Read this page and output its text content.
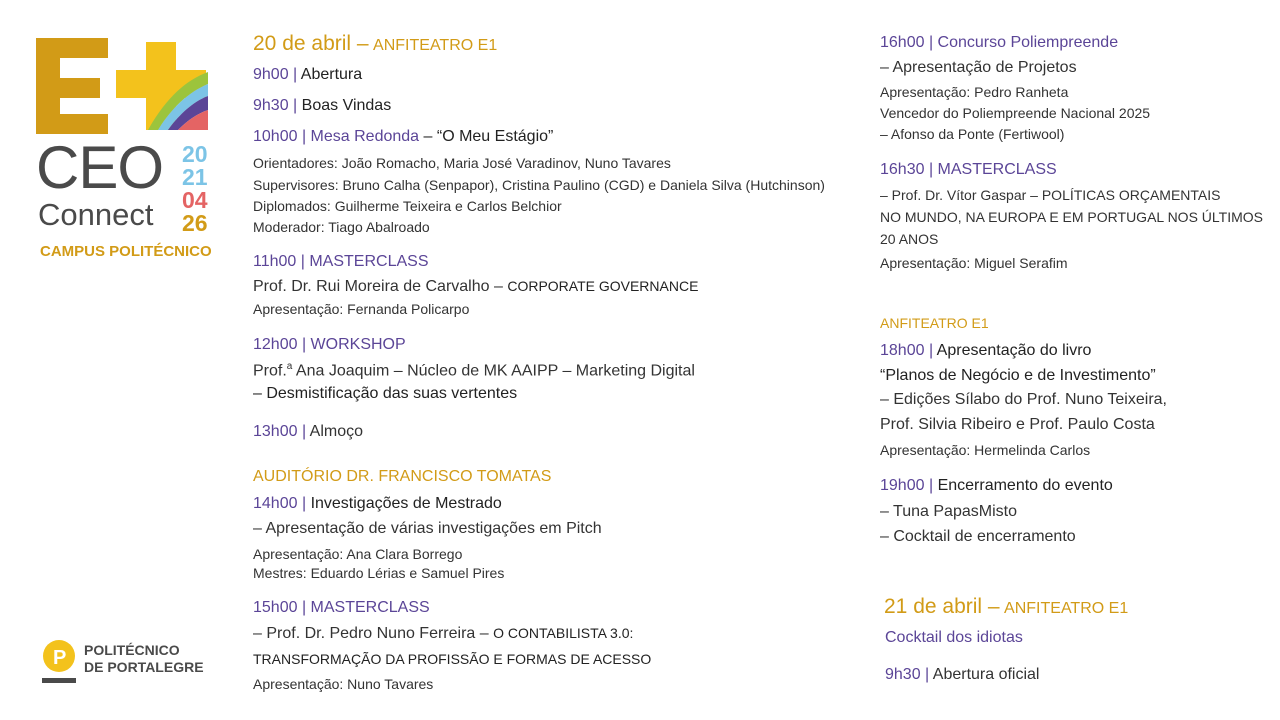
CEO
Connect
20
21
04
26
CAMPUS POLITÉCNICO
P POLITÉCNICO
DE PORTALEGRE
20 de abril – ANFITEATRO E1
9h00 | Abertura
9h30 | Boas Vindas
10h00 | Mesa Redonda – “O Meu Estágio”
Orientadores: João Romacho, Maria José Varadinov, Nuno Tavares
Supervisores: Bruno Calha (Senpapor), Cristina Paulino (CGD) e Daniela Silva (Hutchinson)
Diplomados: Guilherme Teixeira e Carlos Belchior
Moderador: Tiago Abalroado
11h00 | MASTERCLASS
Prof. Dr. Rui Moreira de Carvalho – CORPORATE GOVERNANCE
Apresentação: Fernanda Policarpo
12h00 | WORKSHOP
Prof.$^a$ Ana Joaquim – Núcleo de MK AAIPP – Marketing Digital
– Desmistificação das suas vertentes
13h00 | Almoço
AUDITÓRIO DR. FRANCISCO TOMATAS
14h00 | Investigações de Mestrado
– Apresentação de várias investigações em Pitch
Apresentação: Ana Clara Borrego
Mestres: Eduardo Lérias e Samuel Pires
15h00 | MASTERCLASS
– Prof. Dr. Pedro Nuno Ferreira – O CONTABILISTA 3.0:
TRANSFORMAÇÃO DA PROFISSÃO E FORMAS DE ACESSO
Apresentação: Nuno Tavares
16h00 | Concurso Poliempreende
– Apresentação de Projetos
Apresentação: Pedro Ranheta
Vencedor do Poliempreende Nacional 2025
– Afonso da Ponte (Fertiwool)
16h30 | MASTERCLASS
– Prof. Dr. Vítor Gaspar – POLÍTICAS ORÇAMENTAIS
NO MUNDO, NA EUROPA E EM PORTUGAL NOS ÚLTIMOS
20 ANOS
Apresentação: Miguel Serafim
ANFITEATRO E1
18h00 | Apresentação do livro
“Planos de Negócio e de Investimento”
– Edições Sílabo do Prof. Nuno Teixeira,
Prof. Silvia Ribeiro e Prof. Paulo Costa
Apresentação: Hermelinda Carlos
19h00 | Encerramento do evento
– Tuna PapasMisto
– Cocktail de encerramento
21 de abril – ANFITEATRO E1
Cocktail dos idiotas
9h30 | Abertura oficial
